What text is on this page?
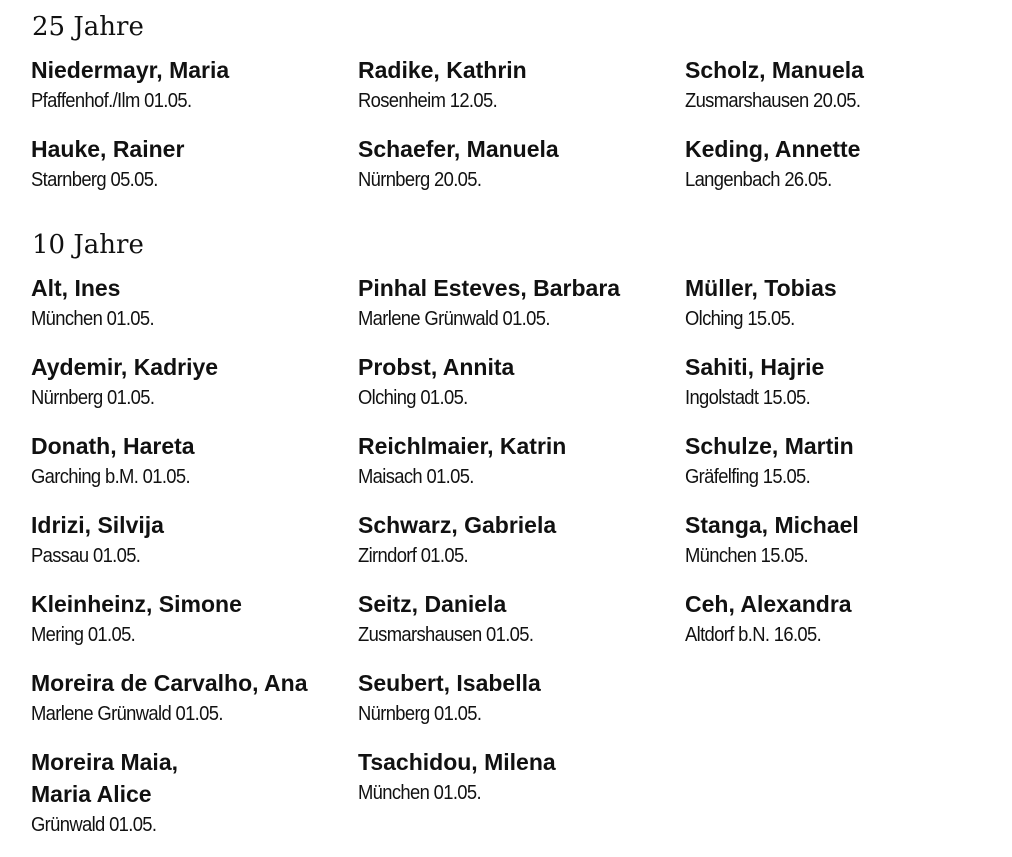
25 Jahre
Niedermayr, Maria
Pfaffenhof./Ilm 01.05.
Radike, Kathrin
Rosenheim 12.05.
Scholz, Manuela
Zusmarshausen 20.05.
Hauke, Rainer
Starnberg 05.05.
Schaefer, Manuela
Nürnberg 20.05.
Keding, Annette
Langenbach 26.05.
10 Jahre
Alt, Ines
München 01.05.
Pinhal Esteves, Barbara
Marlene Grünwald 01.05.
Müller, Tobias
Olching 15.05.
Aydemir, Kadriye
Nürnberg 01.05.
Probst, Annita
Olching 01.05.
Sahiti, Hajrie
Ingolstadt 15.05.
Donath, Hareta
Garching b.M. 01.05.
Reichlmaier, Katrin
Maisach 01.05.
Schulze, Martin
Gräfelfing 15.05.
Idrizi, Silvija
Passau 01.05.
Schwarz, Gabriela
Zirndorf 01.05.
Stanga, Michael
München 15.05.
Kleinheinz, Simone
Mering 01.05.
Seitz, Daniela
Zusmarshausen 01.05.
Ceh, Alexandra
Altdorf b.N. 16.05.
Moreira de Carvalho, Ana
Marlene Grünwald 01.05.
Seubert, Isabella
Nürnberg 01.05.
Moreira Maia,
Maria Alice
Grünwald 01.05.
Tsachidou, Milena
München 01.05.
